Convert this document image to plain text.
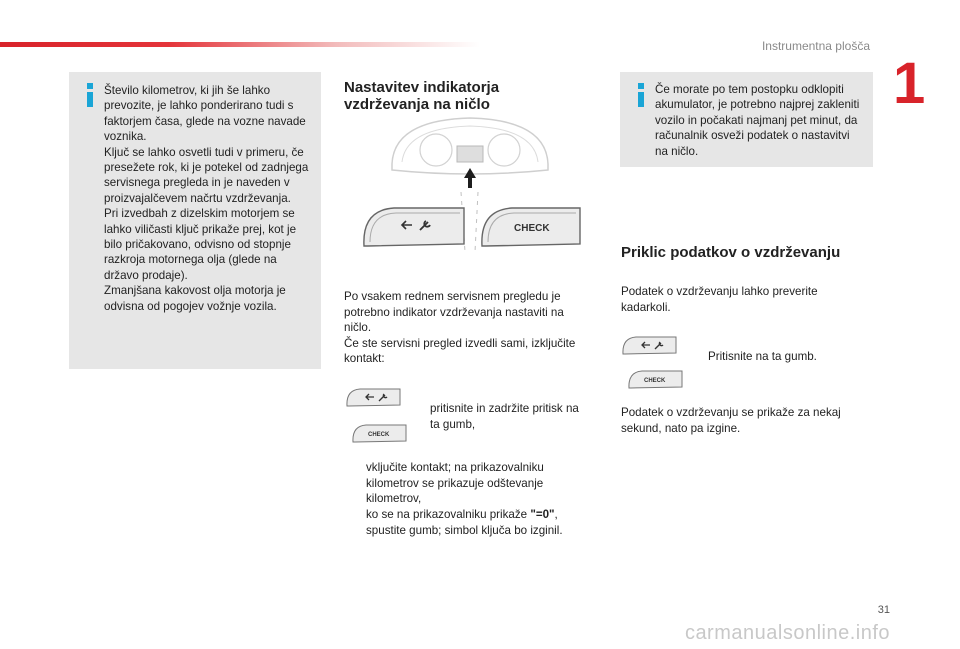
Instrumentna plošča
1
Število kilometrov, ki jih še lahko
prevozite, je lahko ponderirano tudi s
faktorjem časa, glede na vozne navade
voznika.
Ključ se lahko osvetli tudi v primeru, če
presežete rok, ki je potekel od zadnjega
servisnega pregleda in je naveden v
proizvajalčevem načrtu vzdrževanja.
Pri izvedbah z dizelskim motorjem se
lahko viličasti ključ prikaže prej, kot je
bilo pričakovano, odvisno od stopnje
razkroja motornega olja (glede na
državo prodaje).
Zmanjšana kakovost olja motorja je
odvisna od pogojev vožnje vozila.
Nastavitev indikatorja
vzdrževanja na ničlo
CHECK
Po vsakem rednem servisnem pregledu je
potrebno indikator vzdrževanja nastaviti na
ničlo.
Če ste servisni pregled izvedli sami, izključite
kontakt:
CHECK
pritisnite in zadržite pritisk na
ta gumb,
vključite kontakt; na prikazovalniku
kilometrov se prikazuje odštevanje
kilometrov,
ko se na prikazovalniku prikaže "=0",
spustite gumb; simbol ključa bo izginil.
Če morate po tem postopku odklopiti
akumulator, je potrebno najprej zakleniti
vozilo in počakati najmanj pet minut, da
računalnik osveži podatek o nastavitvi
na ničlo.
Priklic podatkov o vzdrževanju
Podatek o vzdrževanju lahko preverite
kadarkoli.
CHECK
Pritisnite na ta gumb.
Podatek o vzdrževanju se prikaže za nekaj
sekund, nato pa izgine.
31
carmanualsonline.info
